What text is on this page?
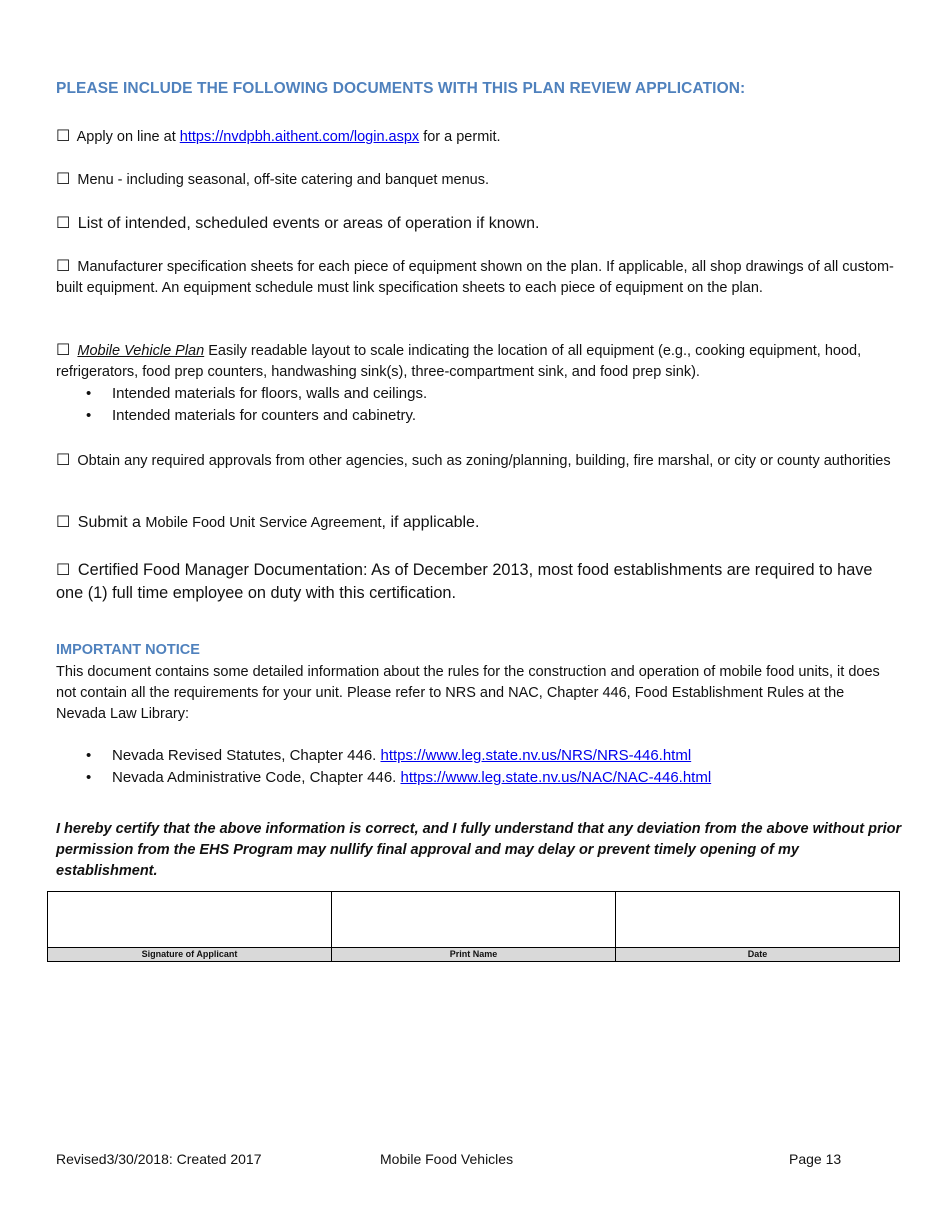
PLEASE INCLUDE THE FOLLOWING DOCUMENTS WITH THIS PLAN REVIEW APPLICATION:
☐ Apply on line at https://nvdpbh.aithent.com/login.aspx for a permit.
☐ Menu - including seasonal, off-site catering and banquet menus.
☐ List of intended, scheduled events or areas of operation if known.
☐ Manufacturer specification sheets for each piece of equipment shown on the plan. If applicable, all shop drawings of all custom-built equipment. An equipment schedule must link specification sheets to each piece of equipment on the plan.
☐ Mobile Vehicle Plan Easily readable layout to scale indicating the location of all equipment (e.g., cooking equipment, hood, refrigerators, food prep counters, handwashing sink(s), three-compartment sink, and food prep sink).
• Intended materials for floors, walls and ceilings.
• Intended materials for counters and cabinetry.
☐ Obtain any required approvals from other agencies, such as zoning/planning, building, fire marshal, or city or county authorities
☐ Submit a Mobile Food Unit Service Agreement, if applicable.
☐ Certified Food Manager Documentation: As of December 2013, most food establishments are required to have one (1) full time employee on duty with this certification.
IMPORTANT NOTICE
This document contains some detailed information about the rules for the construction and operation of mobile food units, it does not contain all the requirements for your unit. Please refer to NRS and NAC, Chapter 446, Food Establishment Rules at the Nevada Law Library:
• Nevada Revised Statutes, Chapter 446. https://www.leg.state.nv.us/NRS/NRS-446.html
• Nevada Administrative Code, Chapter 446. https://www.leg.state.nv.us/NAC/NAC-446.html
I hereby certify that the above information is correct, and I fully understand that any deviation from the above without prior permission from the EHS Program may nullify final approval and may delay or prevent timely opening of my establishment.

Signature of Applicant	Print Name	Date
Revised3/30/2018: Created 2017	Mobile Food Vehicles	Page 13
